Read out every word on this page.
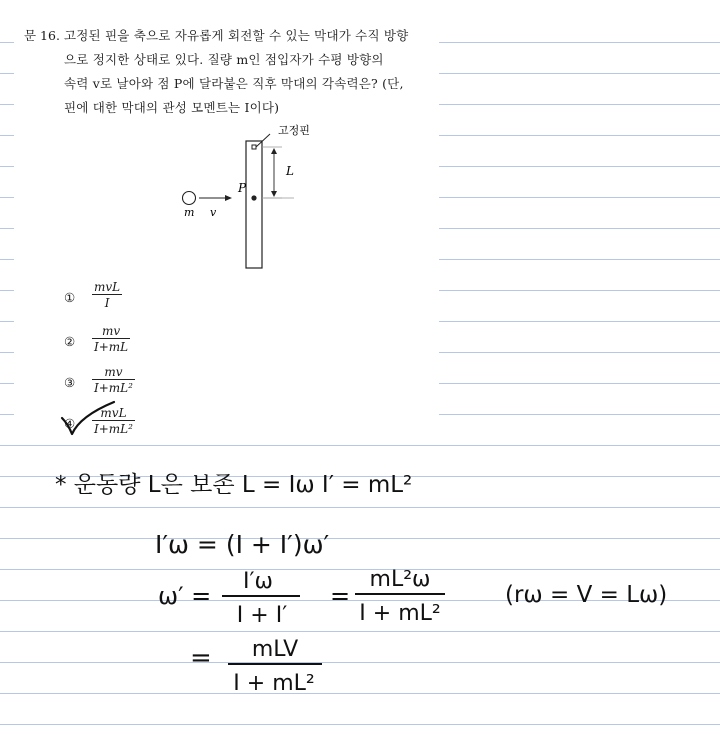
문 16. 고정된 핀을 축으로 자유롭게 회전할 수 있는 막대가 수직 방향
으로 정지한 상태로 있다. 질량 m인 점입자가 수평 방향의
속력 v로 날아와 점 P에 달라붙은 직후 막대의 각속력은? (단,
핀에 대한 막대의 관성 모멘트는 I이다)
고정핀
L
P
m v
①
mvL
I
② $\frac{mv}{I+mL}$
③ $\frac{mv}{\text{I+mL²}}$
④
mvL
I+mL²
* 운동량 L은 보존 L = Iω I′ = mL²
I′ω = (I + I′)ω′
ω′ =
I′ω
I + I′
=
mL²ω
I + mL²
(rω = V = Lω)
= mLV
I + mL²
